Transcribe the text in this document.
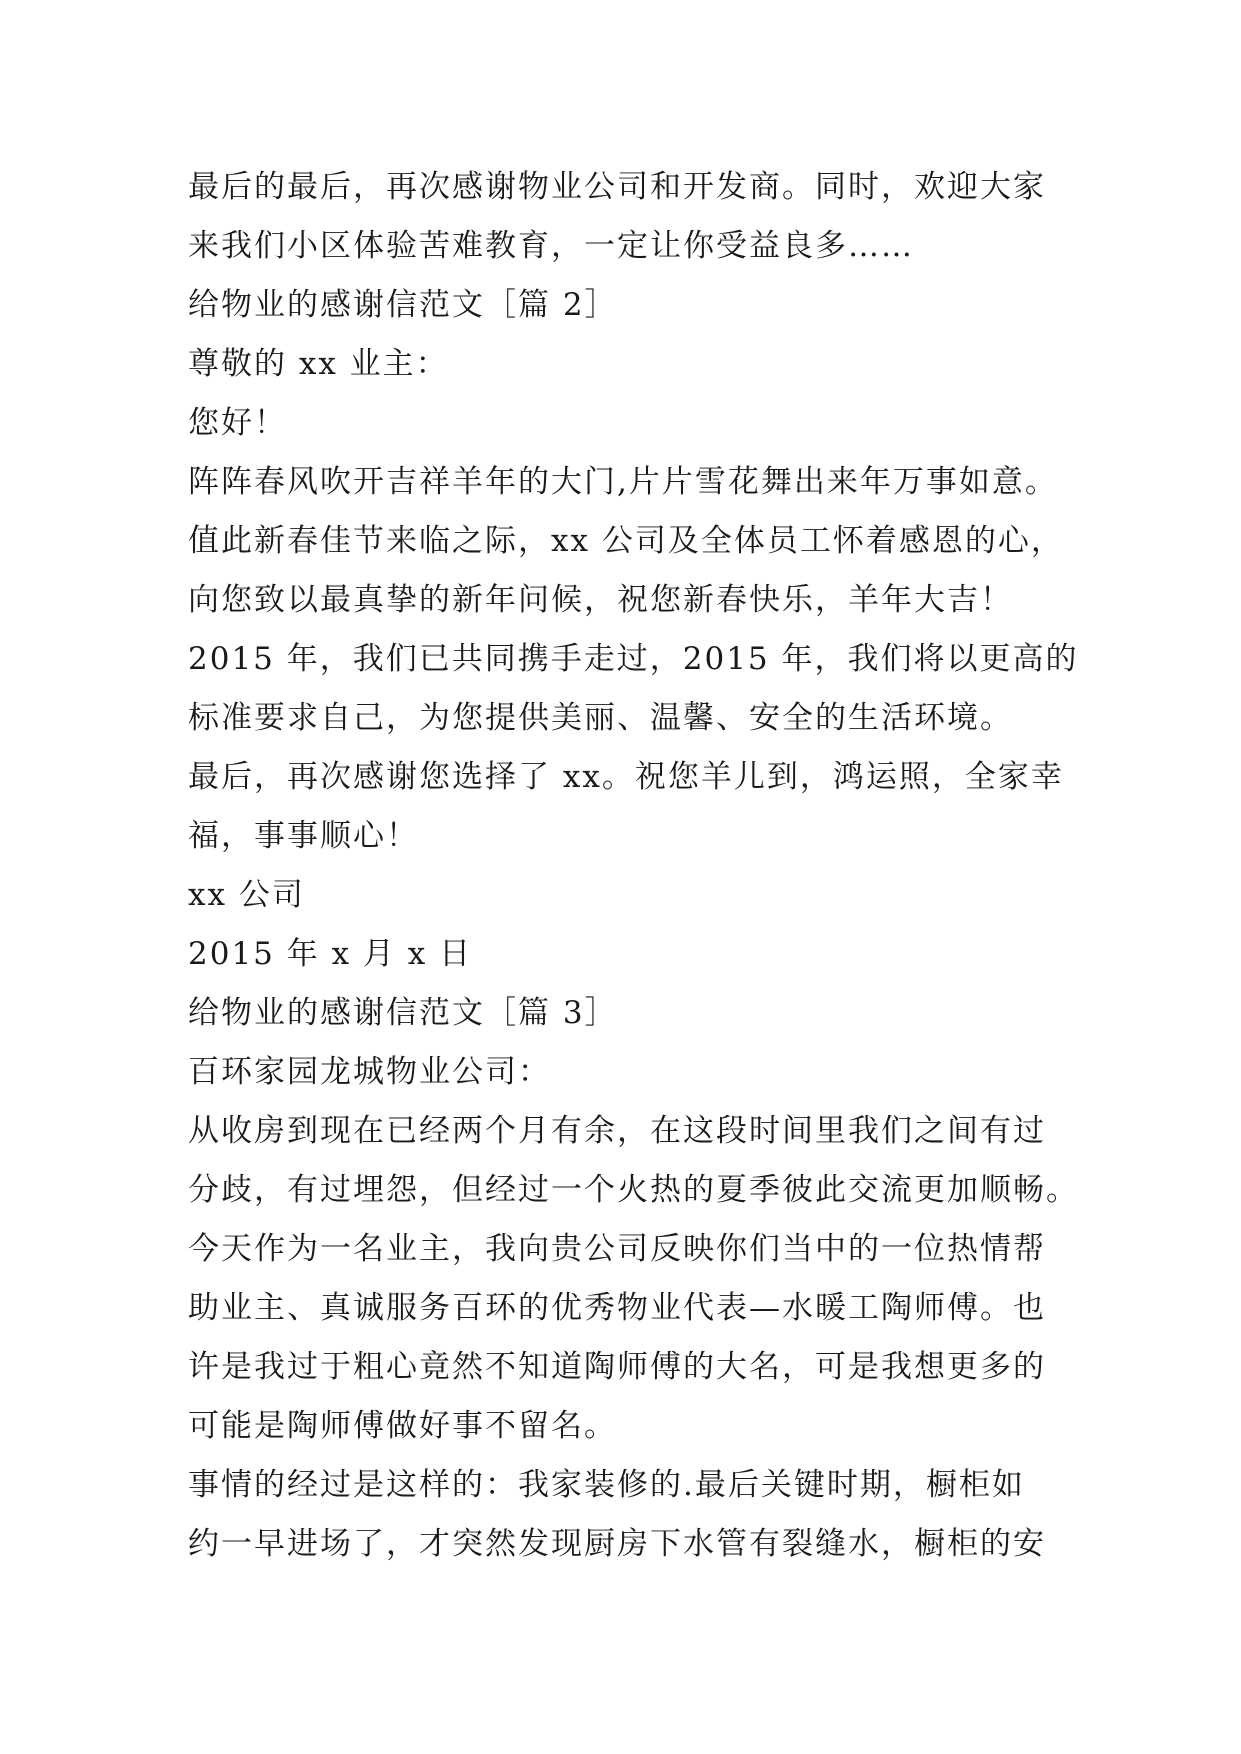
最后的最后，再次感谢物业公司和开发商。同时，欢迎大家
来我们小区体验苦难教育，一定让你受益良多……
给物业的感谢信范文［篇 2］
尊敬的 xx 业主：
您好！
阵阵春风吹开吉祥羊年的大门,片片雪花舞出来年万事如意。
值此新春佳节来临之际，xx 公司及全体员工怀着感恩的心，
向您致以最真挚的新年问候，祝您新春快乐，羊年大吉！
2015 年，我们已共同携手走过，2015 年，我们将以更高的
标准要求自己，为您提供美丽、温馨、安全的生活环境。
最后，再次感谢您选择了 xx。祝您羊儿到，鸿运照，全家幸
福，事事顺心！
xx 公司
2015 年 x 月 x 日
给物业的感谢信范文［篇 3］
百环家园龙城物业公司：
从收房到现在已经两个月有余，在这段时间里我们之间有过
分歧，有过埋怨，但经过一个火热的夏季彼此交流更加顺畅。
今天作为一名业主，我向贵公司反映你们当中的一位热情帮
助业主、真诚服务百环的优秀物业代表—水暖工陶师傅。也
许是我过于粗心竟然不知道陶师傅的大名，可是我想更多的
可能是陶师傅做好事不留名。
事情的经过是这样的：我家装修的.最后关键时期，橱柜如
约一早进场了，才突然发现厨房下水管有裂缝水，橱柜的安
